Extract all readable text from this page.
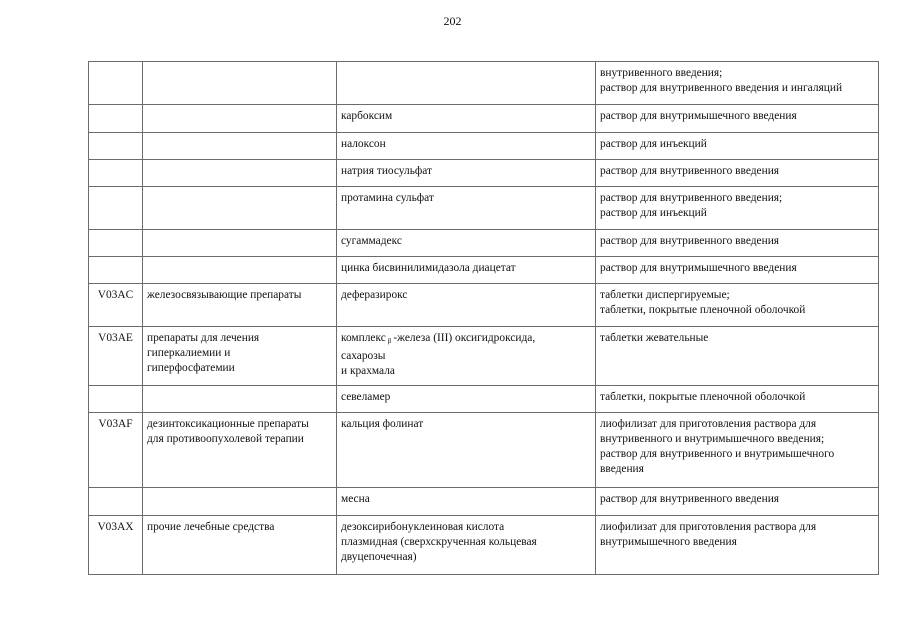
202

			внутривенного введения;
раствор для внутривенного введения и ингаляций

		карбоксим	раствор для внутримышечного введения

		налоксон	раствор для инъекций

		натрия тиосульфат	раствор для внутривенного введения

		протамина сульфат	раствор для внутривенного введения;
раствор для инъекций

		сугаммадекс	раствор для внутривенного введения

		цинка бисвинилимидазола диацетат	раствор для внутримышечного введения

V03AC	железосвязывающие препараты	деферазирокс	таблетки диспергируемые;
таблетки, покрытые пленочной оболочкой

V03AE	препараты для лечения
гиперкалиемии и
гиперфосфатемии	комплекс $_\beta$ -железа (III) оксигидроксида,
сахарозы
и крахмала	таблетки жевательные

		севеламер	таблетки, покрытые пленочной оболочкой

V03AF	дезинтоксикационные препараты
для противоопухолевой терапии	кальция фолинат	лиофилизат для приготовления раствора для
внутривенного и внутримышечного введения;
раствор для внутривенного и внутримышечного
введения

		месна	раствор для внутривенного введения

V03AX	прочие лечебные средства	дезоксирибонуклеиновая кислота
плазмидная (сверхскрученная кольцевая
двуцепочечная)	лиофилизат для приготовления раствора для
внутримышечного введения
